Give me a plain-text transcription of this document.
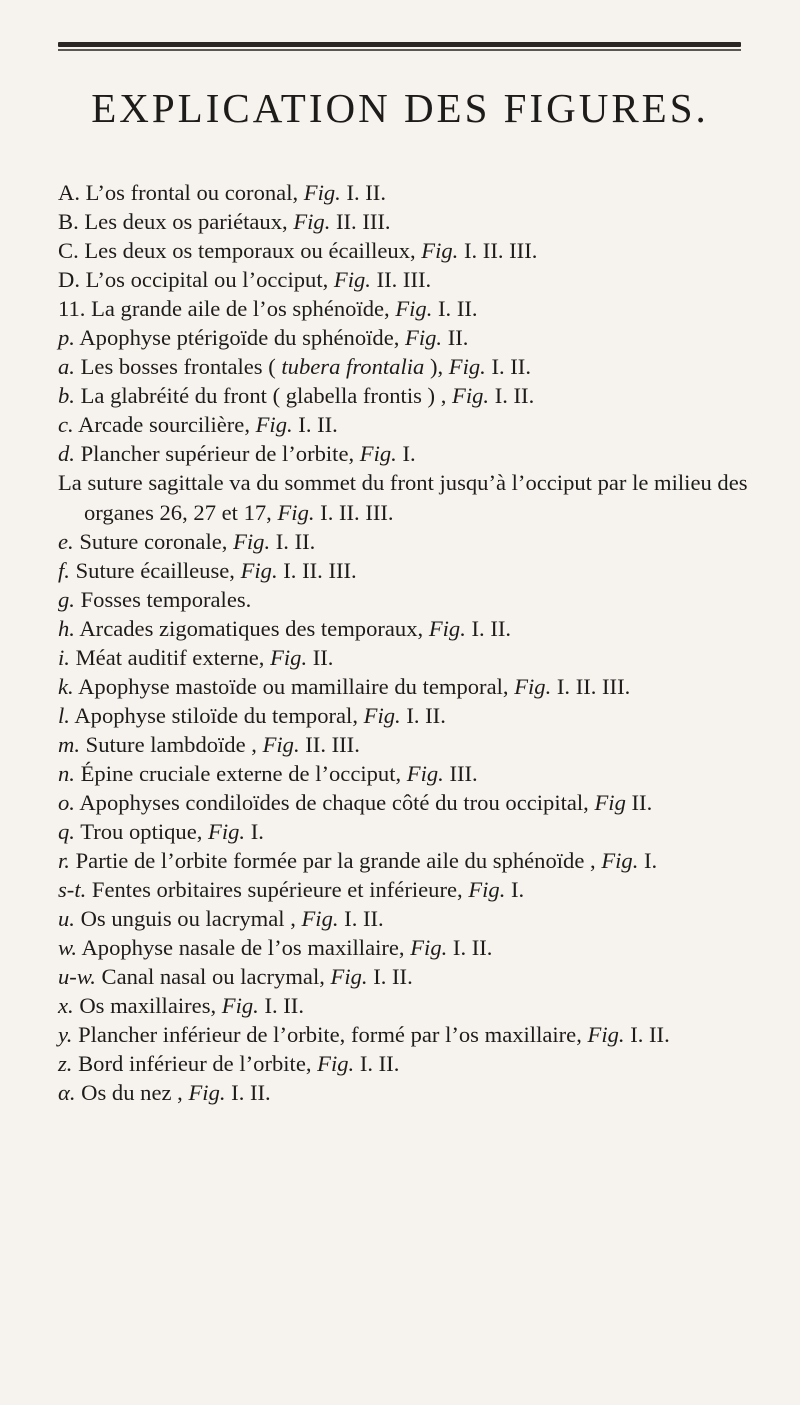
EXPLICATION DES FIGURES.
A. L’os frontal ou coronal, Fig. I. II.
B. Les deux os pariétaux, Fig. II. III.
C. Les deux os temporaux ou écailleux, Fig. I. II. III.
D. L’os occipital ou l’occiput, Fig. II. III.
11. La grande aile de l’os sphénoïde, Fig. I. II.
p. Apophyse ptérigoïde du sphénoïde, Fig. II.
a. Les bosses frontales ( tubera frontalia ), Fig. I. II.
b. La glabréité du front ( glabella frontis ) , Fig. I. II.
c. Arcade sourcilière, Fig. I. II.
d. Plancher supérieur de l’orbite, Fig. I.
La suture sagittale va du sommet du front jusqu’à l’occiput par le milieu des organes 26, 27 et 17, Fig. I. II. III.
e. Suture coronale, Fig. I. II.
f. Suture écailleuse, Fig. I. II. III.
g. Fosses temporales.
h. Arcades zigomatiques des temporaux, Fig. I. II.
i. Méat auditif externe, Fig. II.
k. Apophyse mastoïde ou mamillaire du temporal, Fig. I. II. III.
l. Apophyse stiloïde du temporal, Fig. I. II.
m. Suture lambdoïde , Fig. II. III.
n. Épine cruciale externe de l’occiput, Fig. III.
o. Apophyses condiloïdes de chaque côté du trou occipital, Fig II.
q. Trou optique, Fig. I.
r. Partie de l’orbite formée par la grande aile du sphénoïde , Fig. I.
s-t. Fentes orbitaires supérieure et inférieure, Fig. I.
u. Os unguis ou lacrymal , Fig. I. II.
w. Apophyse nasale de l’os maxillaire, Fig. I. II.
u-w. Canal nasal ou lacrymal, Fig. I. II.
x. Os maxillaires, Fig. I. II.
y. Plancher inférieur de l’orbite, formé par l’os maxillaire, Fig. I. II.
z. Bord inférieur de l’orbite, Fig. I. II.
α. Os du nez , Fig. I. II.
